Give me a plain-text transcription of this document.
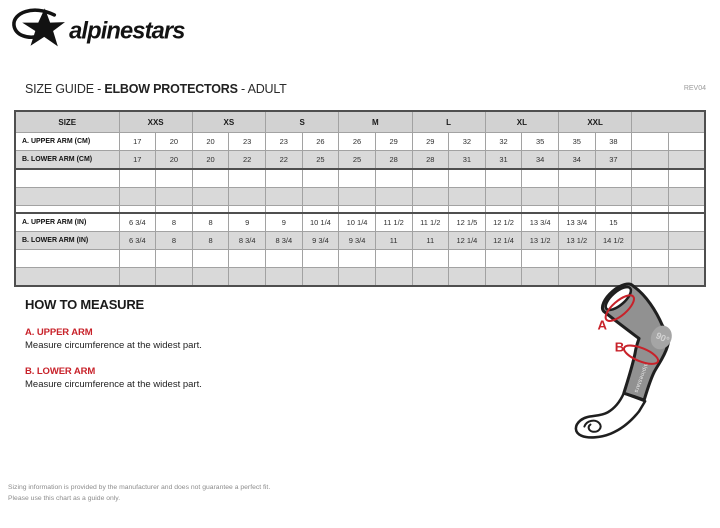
alpinestars
SIZE GUIDE - ELBOW PROTECTORS - ADULT	REV04
SIZE	XXS		XS		S		M		L		XL		XXL			
A. UPPER ARM (CM)	17	20	20	23	23	26	26	29	29	32	32	35	35	38		
B. LOWER ARM (CM)	17	20	20	22	22	25	25	28	28	31	31	34	34	37		

A. UPPER ARM (IN)	6 3/4	8	8	9	9	10 1/4	10 1/4	11 1/2	11 1/2	12 1/5	12 1/2	13 3/4	13 3/4	15		
B. LOWER ARM (IN)	6 3/4	8	8	8 3/4	8 3/4	9 3/4	9 3/4	11	11	12 1/4	12 1/4	13 1/2	13 1/2	14 1/2		

HOW TO MEASURE
A. UPPER ARM
Measure circumference at the widest part.
B. LOWER ARM
Measure circumference at the widest part.
90°
alpinestars
A
B
Sizing information is provided by the manufacturer and does not guarantee a perfect fit.
Please use this chart as a guide only.
